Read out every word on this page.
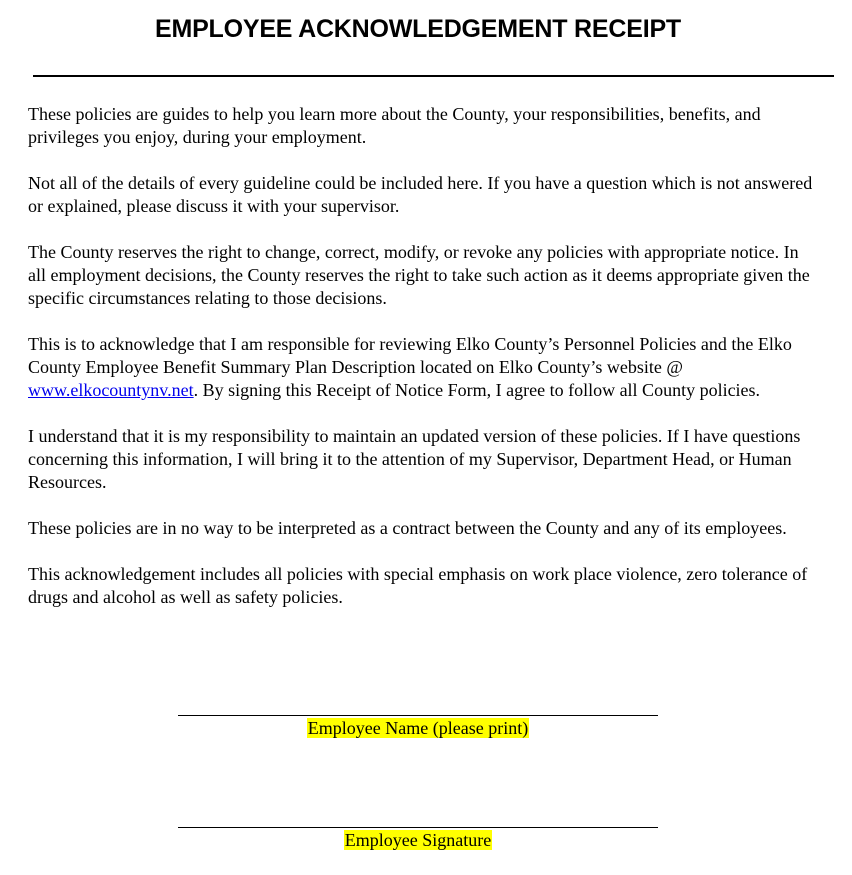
EMPLOYEE ACKNOWLEDGEMENT RECEIPT

These policies are guides to help you learn more about the County, your responsibilities, benefits, and privileges you enjoy, during your employment.

Not all of the details of every guideline could be included here. If you have a question which is not answered or explained, please discuss it with your supervisor.

The County reserves the right to change, correct, modify, or revoke any policies with appropriate notice. In all employment decisions, the County reserves the right to take such action as it deems appropriate given the specific circumstances relating to those decisions.

This is to acknowledge that I am responsible for reviewing Elko County’s Personnel Policies and the Elko County Employee Benefit Summary Plan Description located on Elko County’s website @ www.elkocountynv.net. By signing this Receipt of Notice Form, I agree to follow all County policies.

I understand that it is my responsibility to maintain an updated version of these policies. If I have questions concerning this information, I will bring it to the attention of my Supervisor, Department Head, or Human Resources.

These policies are in no way to be interpreted as a contract between the County and any of its employees.

This acknowledgement includes all policies with special emphasis on work place violence, zero tolerance of drugs and alcohol as well as safety policies.

Employee Name (please print)
Employee Signature
